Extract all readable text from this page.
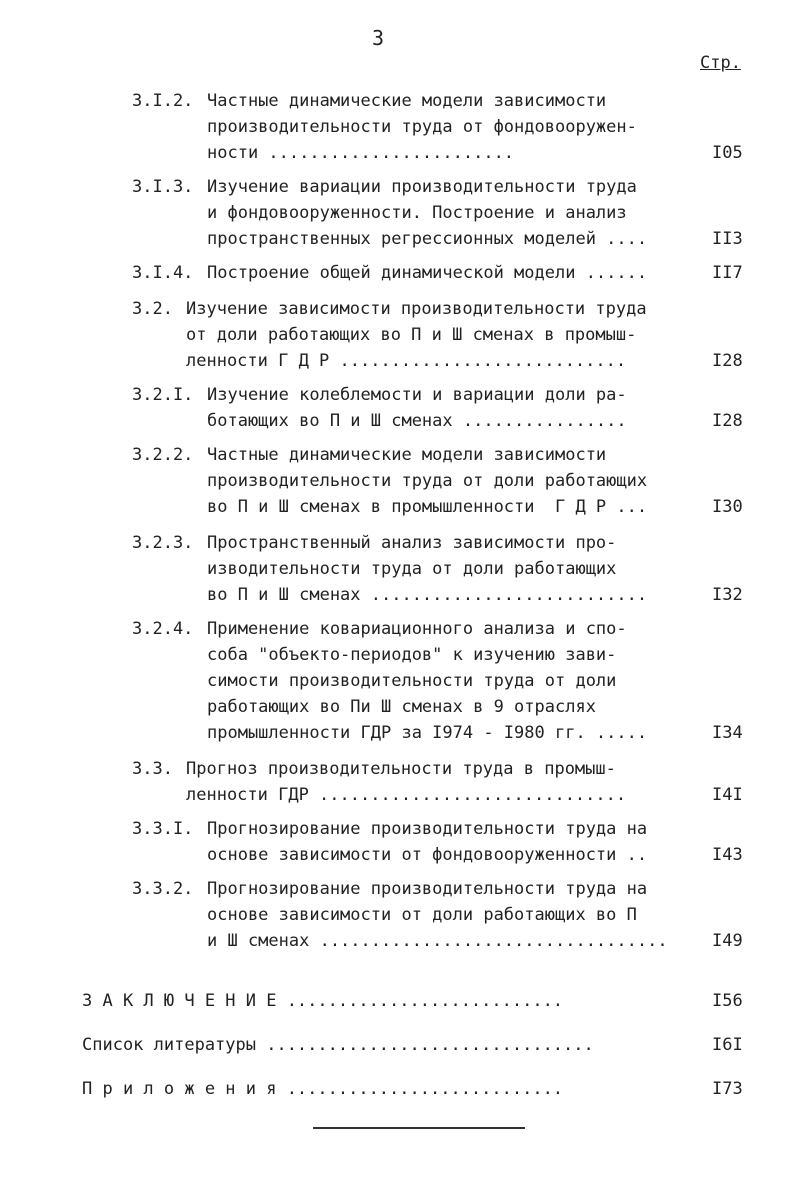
3
Стр.
3.I.2. Частные динамические модели зависимости
производительности труда от фондовооружен-
ности ........................	I05
3.I.3. Изучение вариации производительности труда
и фондовооруженности. Построение и анализ
пространственных регрессионных моделей ....	II3
3.I.4. Построение общей динамической модели ......	II7
3.2. Изучение зависимости производительности труда
от доли работающих во П и Ш сменах в промыш-
ленности Г Д Р ............................	I28
3.2.I. Изучение колеблемости и вариации доли ра-
ботающих во П и Ш сменах ................	I28
3.2.2. Частные динамические модели зависимости
производительности труда от доли работающих
во П и Ш сменах в промышленности  Г Д Р ...	I30
3.2.3. Пространственный анализ зависимости про-
изводительности труда от доли работающих
во П и Ш сменах ...........................	I32
3.2.4. Применение ковариационного анализа и спо-
соба "объекто-периодов" к изучению зави-
симости производительности труда от доли
работающих во Пи Ш сменах в 9 отраслях
промышленности ГДР за I974 - I980 гг. .....	I34
3.3. Прогноз производительности труда в промыш-
ленности ГДР ..............................	I4I
3.3.I. Прогнозирование производительности труда на
основе зависимости от фондовооруженности ..	I43
3.3.2. Прогнозирование производительности труда на
основе зависимости от доли работающих во П
и Ш сменах ..................................	I49
З А К Л Ю Ч Е Н И Е ...........................	I56
Список литературы ................................	I6I
П р и л о ж е н и я ...........................	I73
